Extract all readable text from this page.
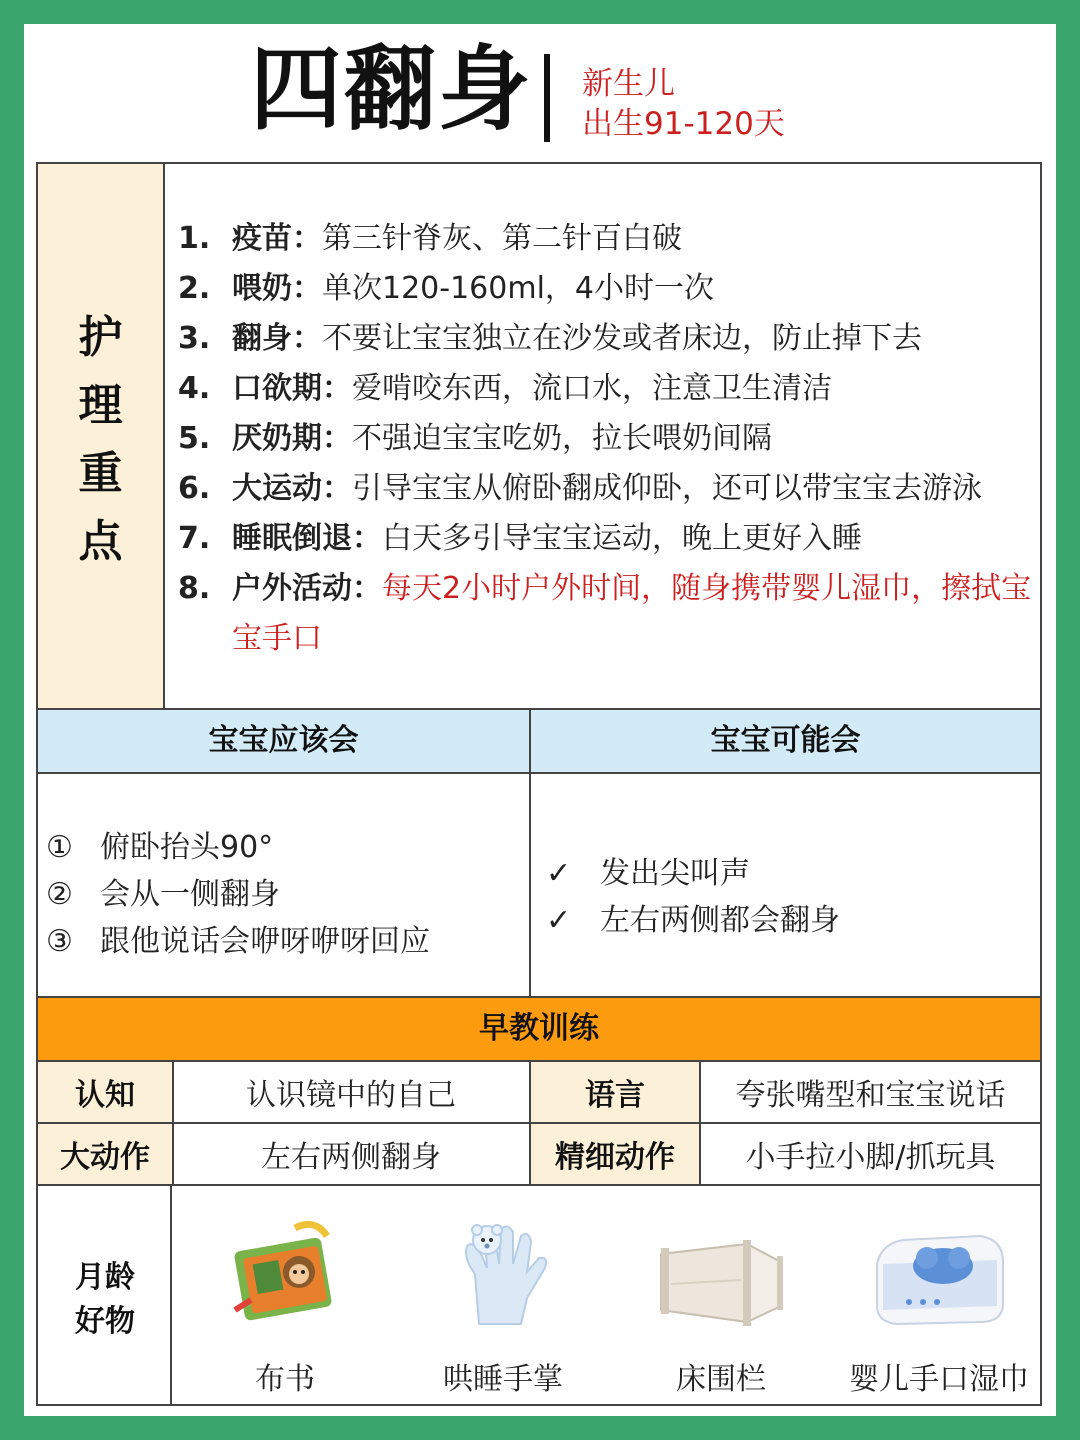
四翻身 新生儿
出生91-120天
护
理
重
点
1. 疫苗：第三针脊灰、第二针百白破
2. 喂奶：单次120-160ml，4小时一次
3. 翻身：不要让宝宝独立在沙发或者床边，防止掉下去
4. 口欲期：爱啃咬东西，流口水，注意卫生清洁
5. 厌奶期：不强迫宝宝吃奶，拉长喂奶间隔
6. 大运动：引导宝宝从俯卧翻成仰卧，还可以带宝宝去游泳
7. 睡眠倒退：白天多引导宝宝运动，晚上更好入睡
8. 户外活动：每天2小时户外时间，随身携带婴儿湿巾，擦拭宝宝手口
宝宝应该会	宝宝可能会
① 俯卧抬头90°
② 会从一侧翻身
③ 跟他说话会咿呀咿呀回应
✓ 发出尖叫声
✓ 左右两侧都会翻身
早教训练
认知	认识镜中的自己	语言	夸张嘴型和宝宝说话
大动作	左右两侧翻身	精细动作	小手拉小脚/抓玩具
月龄
好物
布书	哄睡手掌	床围栏	婴儿手口湿巾
